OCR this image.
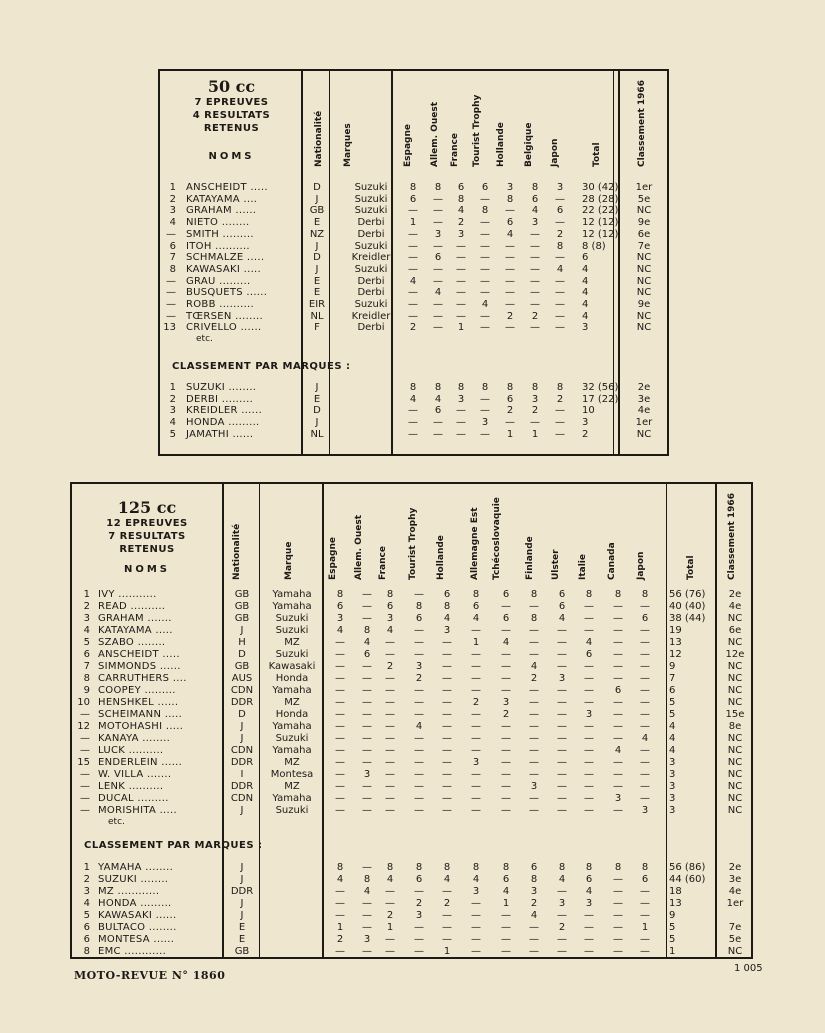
50 cc
7 EPREUVES
4 RESULTATS
RETENUS
NOMS	Nationalité Marques	Espagne Allem. Ouest France Tourist Trophy Hollande Belgique Japon	Total	Classement 1966
1 ANSCHEIDT .....	D	Suzuki	8	8	6	6	3	8	3	30 (42)	1er
2 KATAYAMA ....	J	Suzuki	6	—	8	—	8	6	—	28 (28)	5e
3 GRAHAM ......	GB	Suzuki	—	—	4	8	—	4	6	22 (22)	NC
4 NIETO ........	E	Derbi	1	—	2	—	6	3	—	12 (12)	9e
— SMITH .........	NZ	Derbi	—	3	3	—	4	—	2	12 (12)	6e
6 ITOH ..........	J	Suzuki	—	—	—	—	—	—	8	8 (8)	7e
7 SCHMALZE .....	D	Kreidler	—	6	—	—	—	—	—	6	NC
8 KAWASAKI .....	J	Suzuki	—	—	—	—	—	—	4	4	NC
— GRAU .........	E	Derbi	4	—	—	—	—	—	—	4	NC
— BUSQUETS ......	E	Derbi	—	4	—	—	—	—	—	4	NC
— ROBB ..........	EIR	Suzuki	—	—	—	4	—	—	—	4	9e
— TŒRSEN ........	NL	Kreidler	—	—	—	—	2	2	—	4	NC
13 CRIVELLO ......	F	Derbi	2	—	1	—	—	—	—	3	NC
etc.
CLASSEMENT PAR MARQUES :
1 SUZUKI ........	J	8	8	8	8	8	8	8	32 (56)	2e
2 DERBI .........	E	4	4	3	—	6	3	2	17 (22)	3e
3 KREIDLER ......	D	—	6	—	—	2	2	—	10	4e
4 HONDA .........	J	—	—	—	3	—	—	—	3	1er
5 JAMATHI ......	NL	—	—	—	—	1	1	—	2	NC
125 cc
12 EPREUVES
7 RESULTATS
RETENUS
NOMS	Nationalité	Marque	Espagne Allem. Ouest France Tourist Trophy Hollande	Allemagne Est Tchécoslovaquie	Finlande Ulster Italie Canada Japon	Total	Classement 1966
1 IVY ...........	GB	Yamaha	8	—	8	—	6	8	6	8	6	8	8	8	56 (76)	2e
2 READ ..........	GB	Yamaha	6	—	6	8	8	6	—	—	6	—	—	—	40 (40)	4e
3 GRAHAM .......	GB	Suzuki	3	—	3	6	4	4	6	8	4	—	—	6	38 (44)	NC
4 KATAYAMA .....	J	Suzuki	4	8	4	—	3	—	—	—	—	—	—	—	19	6e
5 SZABO ........	H	MZ	—	4	—	—	—	1	4	—	—	4	—	—	13	NC
6 ANSCHEIDT .....	D	Suzuki	—	6	—	—	—	—	—	—	—	6	—	—	12	12e
7 SIMMONDS ......	GB	Kawasaki	—	—	2	3	—	—	—	4	—	—	—	—	9	NC
8 CARRUTHERS ....	AUS	Honda	—	—	—	2	—	—	—	2	3	—	—	—	7	NC
9 COOPEY .........	CDN	Yamaha	—	—	—	—	—	—	—	—	—	—	6	—	6	NC
10 HENSHKEL ......	DDR	MZ	—	—	—	—	—	2	3	—	—	—	—	—	5	NC
— SCHEIMANN .....	D	Honda	—	—	—	—	—	—	2	—	—	3	—	—	5	15e
12 MOTOHASHI .....	J	Yamaha	—	—	—	4	—	—	—	—	—	—	—	—	4	8e
— KANAYA ........	J	Suzuki	—	—	—	—	—	—	—	—	—	—	—	4	4	NC
— LUCK ..........	CDN	Yamaha	—	—	—	—	—	—	—	—	—	—	4	—	4	NC
15 ENDERLEIN ......	DDR	MZ	—	—	—	—	—	3	—	—	—	—	—	—	3	NC
— W. VILLA .......	I	Montesa	—	3	—	—	—	—	—	—	—	—	—	—	3	NC
— LENK ..........	DDR	MZ	—	—	—	—	—	—	—	3	—	—	—	—	3	NC
— DUCAL .........	CDN	Yamaha	—	—	—	—	—	—	—	—	—	—	3	—	3	NC
— MORISHITA .....	J	Suzuki	—	—	—	—	—	—	—	—	—	—	—	3	3	NC
etc.
CLASSEMENT PAR MARQUES :
1 YAMAHA ........	J	8	—	8	8	8	8	8	6	8	8	8	8	56 (86)	2e
2 SUZUKI ........	J	4	8	4	6	4	4	6	8	4	6	—	6	44 (60)	3e
3 MZ ............	DDR	—	4	—	—	—	3	4	3	—	4	—	—	18	4e
4 HONDA .........	J	—	—	—	2	2	—	1	2	3	3	—	—	13	1er
5 KAWASAKI ......	J	—	—	2	3	—	—	—	4	—	—	—	—	9
6 BULTACO ........	E	1	—	1	—	—	—	—	—	2	—	—	1	5	7e
6 MONTESA ......	E	2	3	—	—	—	—	—	—	—	—	—	—	5	5e
8 EMC ............	GB	—	—	—	—	1	—	—	—	—	—	—	—	1	NC
MOTO-REVUE N° 1860
1 005
